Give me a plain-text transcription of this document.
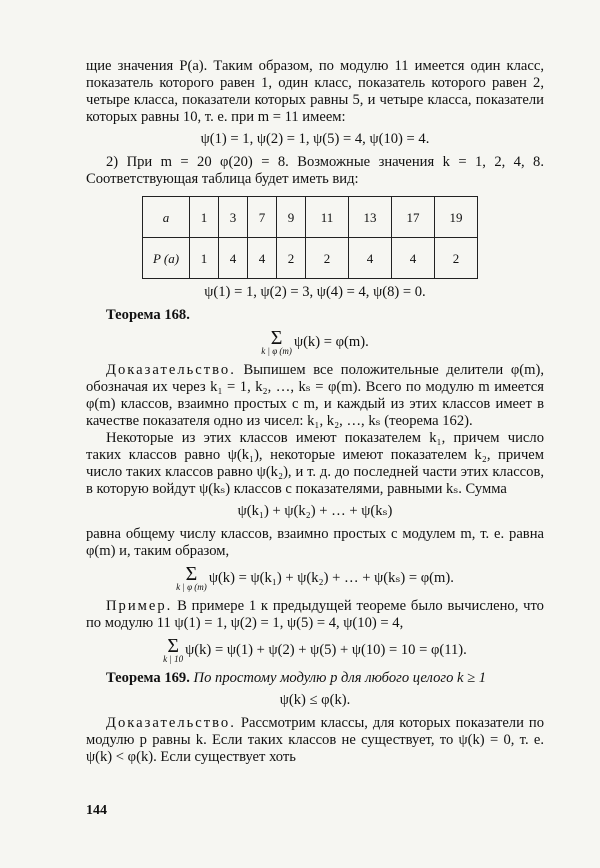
щие значения P(a). Таким образом, по модулю 11 имеется один класс, показатель которого равен 1, один класс, показатель которого равен 2, четыре класса, показатели которых равны 5, и четыре класса, показатели которых равны 10, т. е. при m = 11 имеем:

ψ(1) = 1, ψ(2) = 1, ψ(5) = 4, ψ(10) = 4.

2) При m = 20 φ(20) = 8. Возможные значения k = 1, 2, 4, 8. Соответствующая таблица будет иметь вид:

a	1	3	7	9	11	13	17	19
P (a)	1	4	4	2	2	4	4	2
ψ(1) = 1, ψ(2) = 3, ψ(4) = 4, ψ(8) = 0.

Теорема 168.

Σ
k | φ (m)
ψ(k) = φ(m).

Доказательство. Выпишем все положительные делители φ(m), обозначая их через k₁ = 1, k₂, …, kₛ = φ(m). Всего по модулю m имеется φ(m) классов, взаимно простых с m, и каждый из этих классов имеет в качестве показателя одно из чисел: k₁, k₂, …, kₛ (теорема 162).

Некоторые из этих классов имеют показателем k₁, причем число таких классов равно ψ(k₁), некоторые имеют показателем k₂, причем число таких классов равно ψ(k₂), и т. д. до последней части этих классов, в которую войдут ψ(kₛ) классов с показателями, равными kₛ. Сумма

ψ(k₁) + ψ(k₂) + … + ψ(kₛ)

равна общему числу классов, взаимно простых с модулем m, т. е. равна φ(m) и, таким образом,

Σ
k | φ (m)
ψ(k) = ψ(k₁) + ψ(k₂) + … + ψ(kₛ) = φ(m).

Пример. В примере 1 к предыдущей теореме было вычислено, что по модулю 11 ψ(1) = 1, ψ(2) = 1, ψ(5) = 4, ψ(10) = 4,

Σ
k | 10
ψ(k) = ψ(1) + ψ(2) + ψ(5) + ψ(10) = 10 = φ(11).

Теорема 169. По простому модулю p для любого целого k ≥ 1

ψ(k) ≤ φ(k).

Доказательство. Рассмотрим классы, для которых показатели по модулю p равны k. Если таких классов не существует, то ψ(k) = 0, т. е. ψ(k) < φ(k). Если существует хоть

144
